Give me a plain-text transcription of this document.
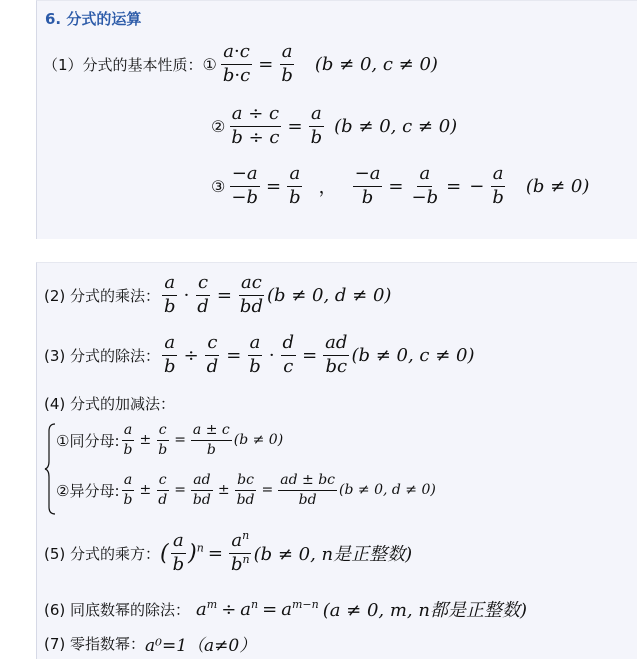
6. 分式的运算
（1）分式的基本性质： ① $\frac{a\cdot c}{b\cdot c} = \frac{a}{b} (b \ne 0$, c ≠ 0)
② $\frac{a \div c}{b \div c} = \frac{a}{b} (b \ne 0$, c ≠ 0)
③ $\frac{-a}{-b} = \frac{a}{b}$ ， $\frac{-a}{b} = \frac{a}{-b}$ = − $\frac{a}{b} (b \ne 0)$
(2) 分式的乘法： $\frac{a}{b} \cdot \frac{c}{d} = \frac{ac}{bd} (b \ne 0$, d ≠ 0)
(3) 分式的除法： $\frac{a}{b} \div \frac{c}{d} = \frac{a}{b} \cdot \frac{d}{c} = \frac{ad}{bc} (b \ne 0$, c ≠ 0)
(4) 分式的加减法：
①同分母: $\frac{a}{b} \pm \frac{c}{b} = \frac{a \pm c}{b} (b \ne 0)$
②异分母: $\frac{a}{b} \pm \frac{c}{d} = \frac{ad}{bd} \pm \frac{bc}{bd} = \frac{ad \pm bc}{bd} (b \ne 0$, d ≠ 0)
(5) 分式的乘方： ( $\frac{a}{b} )^n = \frac{a^n}{b^n} (b \ne 0$, n是正整数)
(6) 同底数幂的除法： $a^m \div a^n = a^{m-n}$ (a ≠ 0, m, n都是正整数)
(7) 零指数幂： a⁰=1（a≠0）
